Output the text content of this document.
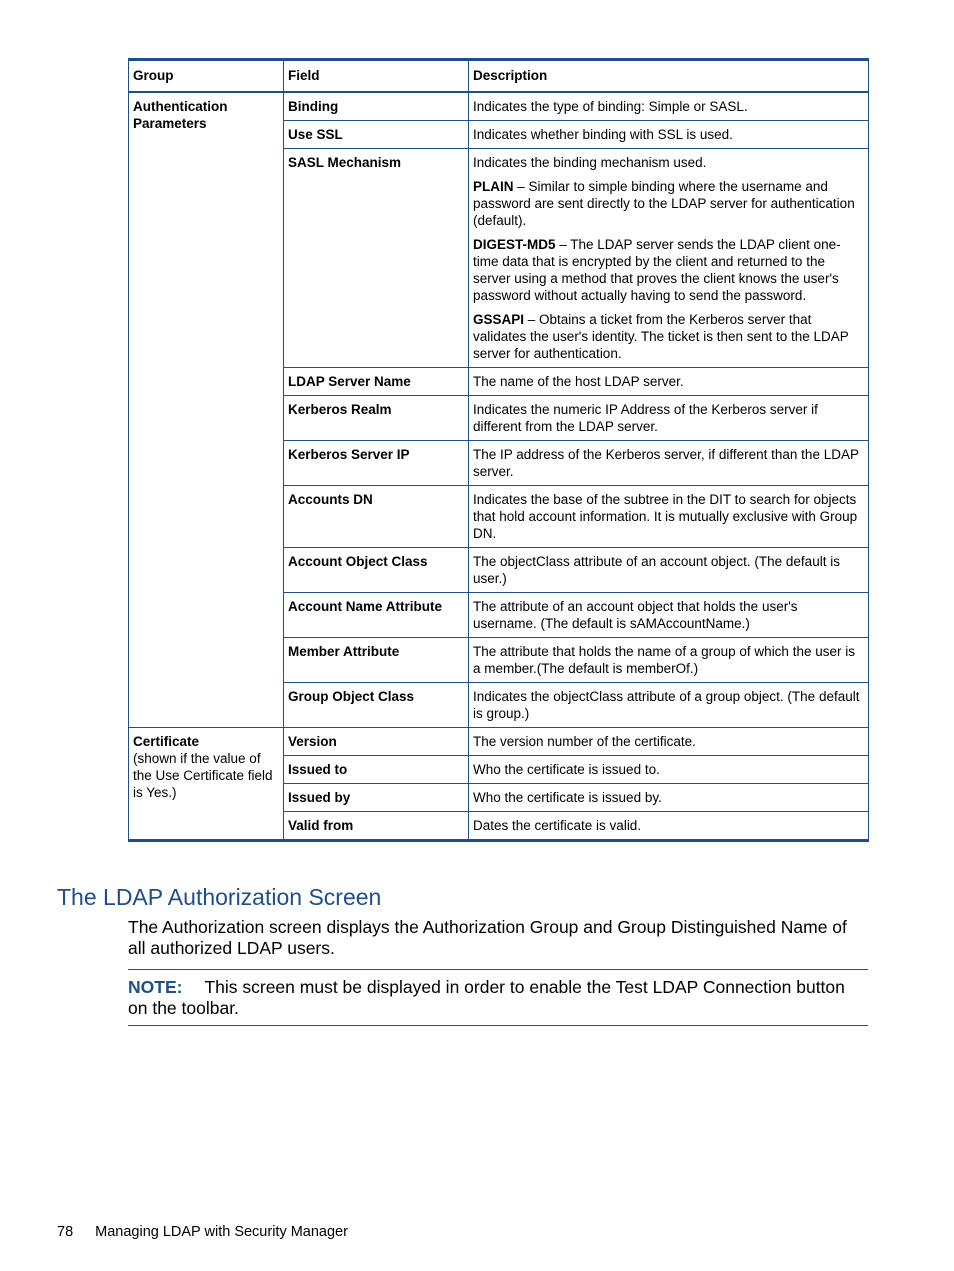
Group	Field	Description

Authentication Parameters	Binding	Indicates the type of binding: Simple or SASL.

	Use SSL	Indicates whether binding with SSL is used.

	SASL Mechanism	Indicates the binding mechanism used.

PLAIN – Similar to simple binding where the username and password are sent directly to the LDAP server for authentication (default).

DIGEST-MD5 – The LDAP server sends the LDAP client one-time data that is encrypted by the client and returned to the server using a method that proves the client knows the user's password without actually having to send the password.

GSSAPI – Obtains a ticket from the Kerberos server that validates the user's identity. The ticket is then sent to the LDAP server for authentication.

	LDAP Server Name	The name of the host LDAP server.

	Kerberos Realm	Indicates the numeric IP Address of the Kerberos server if different from the LDAP server.

	Kerberos Server IP	The IP address of the Kerberos server, if different than the LDAP server.

	Accounts DN	Indicates the base of the subtree in the DIT to search for objects that hold account information. It is mutually exclusive with Group DN.

	Account Object Class	The objectClass attribute of an account object. (The default is user.)

	Account Name Attribute	The attribute of an account object that holds the user's username. (The default is sAMAccountName.)

	Member Attribute	The attribute that holds the name of a group of which the user is a member.(The default is memberOf.)

	Group Object Class	Indicates the objectClass attribute of a group object. (The default is group.)

Certificate
(shown if the value of the Use Certificate field is Yes.)	Version	The version number of the certificate.

	Issued to	Who the certificate is issued to.

	Issued by	Who the certificate is issued by.

	Valid from	Dates the certificate is valid.

The LDAP Authorization Screen

The Authorization screen displays the Authorization Group and Group Distinguished Name of all authorized LDAP users.

NOTE: This screen must be displayed in order to enable the Test LDAP Connection button on the toolbar.
78 Managing LDAP with Security Manager
